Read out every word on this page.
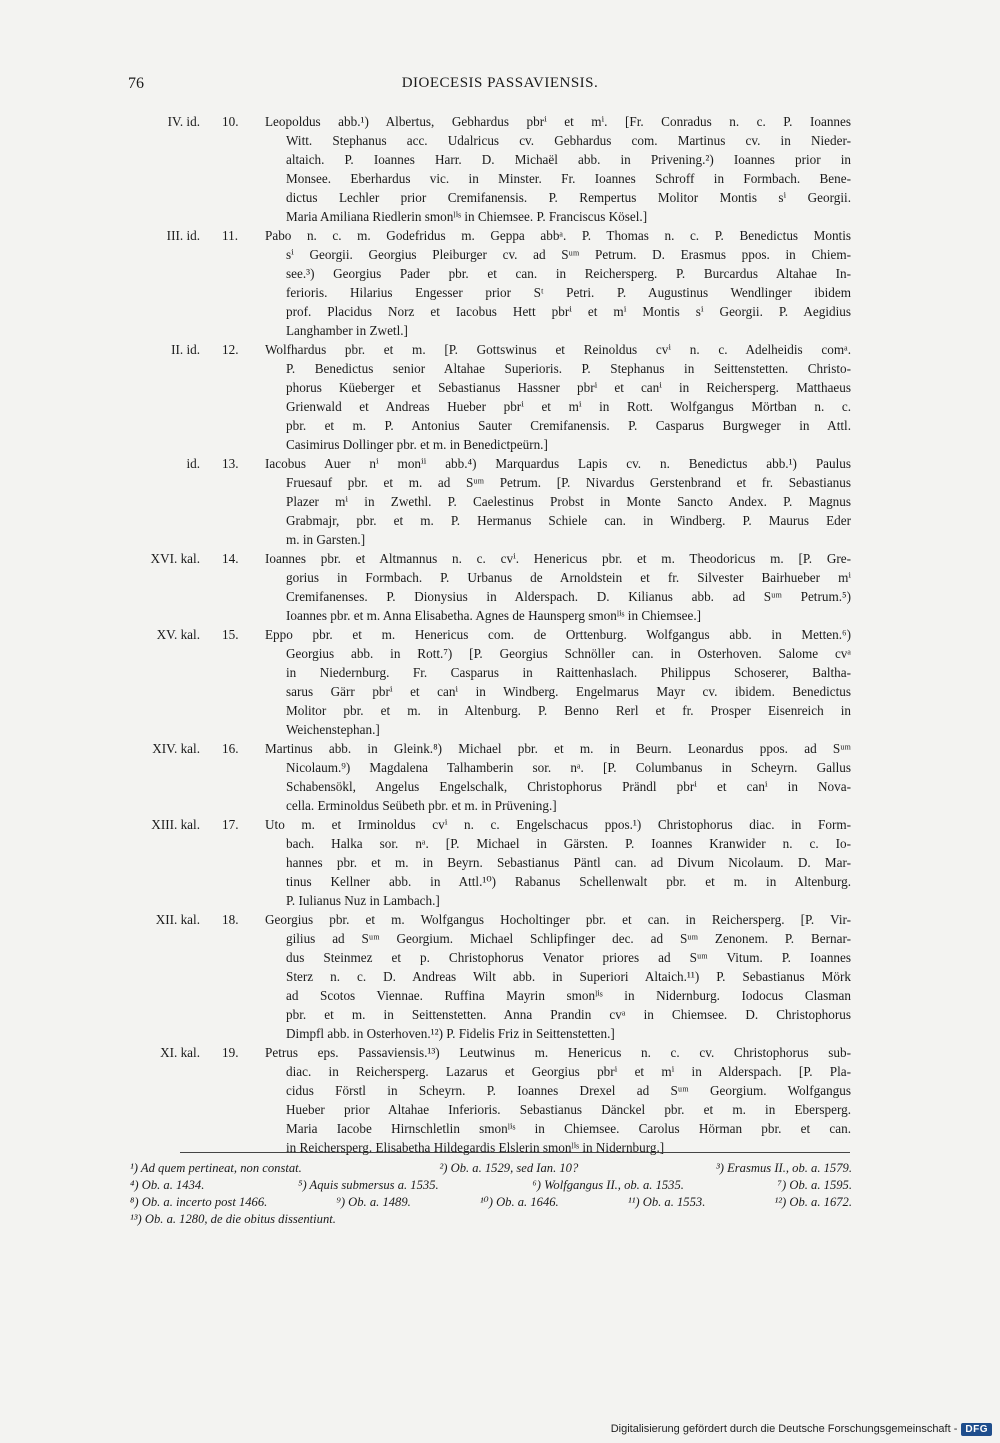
76	DIOECESIS PASSAVIENSIS.
IV. id. 10.	Leopoldus abb.¹) Albertus, Gebhardus pbrⁱ et mⁱ. [Fr. Conradus n. c. P. Ioannes
Witt. Stephanus acc. Udalricus cv. Gebhardus com. Martinus cv. in Nieder-
altaich. P. Ioannes Harr. D. Michaël abb. in Privening.²) Ioannes prior in
Monsee. Eberhardus vic. in Minster. Fr. Ioannes Schroff in Formbach. Bene-
dictus Lechler prior Cremifanensis. P. Rempertus Molitor Montis sⁱ Georgii.
Maria Amiliana Riedlerin smonˡⁱˢ in Chiemsee. P. Franciscus Kösel.]
III. id. 11.	Pabo n. c. m. Godefridus m. Geppa abbᵃ. P. Thomas n. c. P. Benedictus Montis
sⁱ Georgii. Georgius Pleiburger cv. ad Sᵘᵐ Petrum. D. Erasmus ppos. in Chiem-
see.³) Georgius Pader pbr. et can. in Reichersperg. P. Burcardus Altahae In-
ferioris. Hilarius Engesser prior Sᵗ Petri. P. Augustinus Wendlinger ibidem
prof. Placidus Norz et Iacobus Hett pbrⁱ et mⁱ Montis sⁱ Georgii. P. Aegidius
Langhamber in Zwetl.]
II. id. 12.	Wolfhardus pbr. et m. [P. Gottswinus et Reinoldus cvⁱ n. c. Adelheidis comᵃ.
P. Benedictus senior Altahae Superioris. P. Stephanus in Seittenstetten. Christo-
phorus Küeberger et Sebastianus Hassner pbrⁱ et canⁱ in Reichersperg. Matthaeus
Grienwald et Andreas Hueber pbrⁱ et mⁱ in Rott. Wolfgangus Mörtban n. c.
pbr. et m. P. Antonius Sauter Cremifanensis. P. Casparus Burgweger in Attl.
Casimirus Dollinger pbr. et m. in Benedictpeürn.]
id. 13.	Iacobus Auer nⁱ monⁱⁱ abb.⁴) Marquardus Lapis cv. n. Benedictus abb.¹) Paulus
Fruesauf pbr. et m. ad Sᵘᵐ Petrum. [P. Nivardus Gerstenbrand et fr. Sebastianus
Plazer mⁱ in Zwethl. P. Caelestinus Probst in Monte Sancto Andex. P. Magnus
Grabmajr, pbr. et m. P. Hermanus Schiele can. in Windberg. P. Maurus Eder
m. in Garsten.]
XVI. kal. 14.	Ioannes pbr. et Altmannus n. c. cvⁱ. Henericus pbr. et m. Theodoricus m. [P. Gre-
gorius in Formbach. P. Urbanus de Arnoldstein et fr. Silvester Bairhueber mⁱ
Cremifanenses. P. Dionysius in Alderspach. D. Kilianus abb. ad Sᵘᵐ Petrum.⁵)
Ioannes pbr. et m. Anna Elisabetha. Agnes de Haunsperg smonˡⁱˢ in Chiemsee.]
XV. kal. 15.	Eppo pbr. et m. Henericus com. de Orttenburg. Wolfgangus abb. in Metten.⁶)
Georgius abb. in Rott.⁷) [P. Georgius Schnöller can. in Osterhoven. Salome cvᵃ
in Niedernburg. Fr. Casparus in Raittenhaslach. Philippus Schoserer, Baltha-
sarus Gärr pbrⁱ et canⁱ in Windberg. Engelmarus Mayr cv. ibidem. Benedictus
Molitor pbr. et m. in Altenburg. P. Benno Rerl et fr. Prosper Eisenreich in
Weichenstephan.]
XIV. kal. 16.	Martinus abb. in Gleink.⁸) Michael pbr. et m. in Beurn. Leonardus ppos. ad Sᵘᵐ
Nicolaum.⁹) Magdalena Talhamberin sor. nᵃ. [P. Columbanus in Scheyrn. Gallus
Schabensökl, Angelus Engelschalk, Christophorus Prändl pbrⁱ et canⁱ in Nova-
cella. Erminoldus Seübeth pbr. et m. in Prüvening.]
XIII. kal. 17.	Uto m. et Irminoldus cvⁱ n. c. Engelschacus ppos.¹) Christophorus diac. in Form-
bach. Halka sor. nᵃ. [P. Michael in Gärsten. P. Ioannes Kranwider n. c. Io-
hannes pbr. et m. in Beyrn. Sebastianus Päntl can. ad Divum Nicolaum. D. Mar-
tinus Kellner abb. in Attl.¹⁰) Rabanus Schellenwalt pbr. et m. in Altenburg.
P. Iulianus Nuz in Lambach.]
XII. kal. 18.	Georgius pbr. et m. Wolfgangus Hocholtinger pbr. et can. in Reichersperg. [P. Vir-
gilius ad Sᵘᵐ Georgium. Michael Schlipfinger dec. ad Sᵘᵐ Zenonem. P. Bernar-
dus Steinmez et p. Christophorus Venator priores ad Sᵘᵐ Vitum. P. Ioannes
Sterz n. c. D. Andreas Wilt abb. in Superiori Altaich.¹¹) P. Sebastianus Mörk
ad Scotos Viennae. Ruffina Mayrin smonˡⁱˢ in Nidernburg. Iodocus Clasman
pbr. et m. in Seittenstetten. Anna Prandin cvᵃ in Chiemsee. D. Christophorus
Dimpfl abb. in Osterhoven.¹²) P. Fidelis Friz in Seittenstetten.]
XI. kal. 19.	Petrus eps. Passaviensis.¹³) Leutwinus m. Henericus n. c. cv. Christophorus sub-
diac. in Reichersperg. Lazarus et Georgius pbrⁱ et mⁱ in Alderspach. [P. Pla-
cidus Förstl in Scheyrn. P. Ioannes Drexel ad Sᵘᵐ Georgium. Wolfgangus
Hueber prior Altahae Inferioris. Sebastianus Dänckel pbr. et m. in Ebersperg.
Maria Iacobe Hirnschletlin smonˡⁱˢ in Chiemsee. Carolus Hörman pbr. et can.
in Reichersperg. Elisabetha Hildegardis Elslerin smonˡⁱˢ in Nidernburg.]
¹) Ad quem pertineat, non constat.	²) Ob. a. 1529, sed Ian. 10?	³) Erasmus II., ob. a. 1579.
⁴) Ob. a. 1434.	⁵) Aquis submersus a. 1535.	⁶) Wolfgangus II., ob. a. 1535.	⁷) Ob. a. 1595.
⁸) Ob. a. incerto post 1466.	⁹) Ob. a. 1489.	¹⁰) Ob. a. 1646.	¹¹) Ob. a. 1553.	¹²) Ob. a. 1672.
¹³) Ob. a. 1280, de die obitus dissentiunt.
Digitalisierung gefördert durch die Deutsche Forschungsgemeinschaft - DFG
